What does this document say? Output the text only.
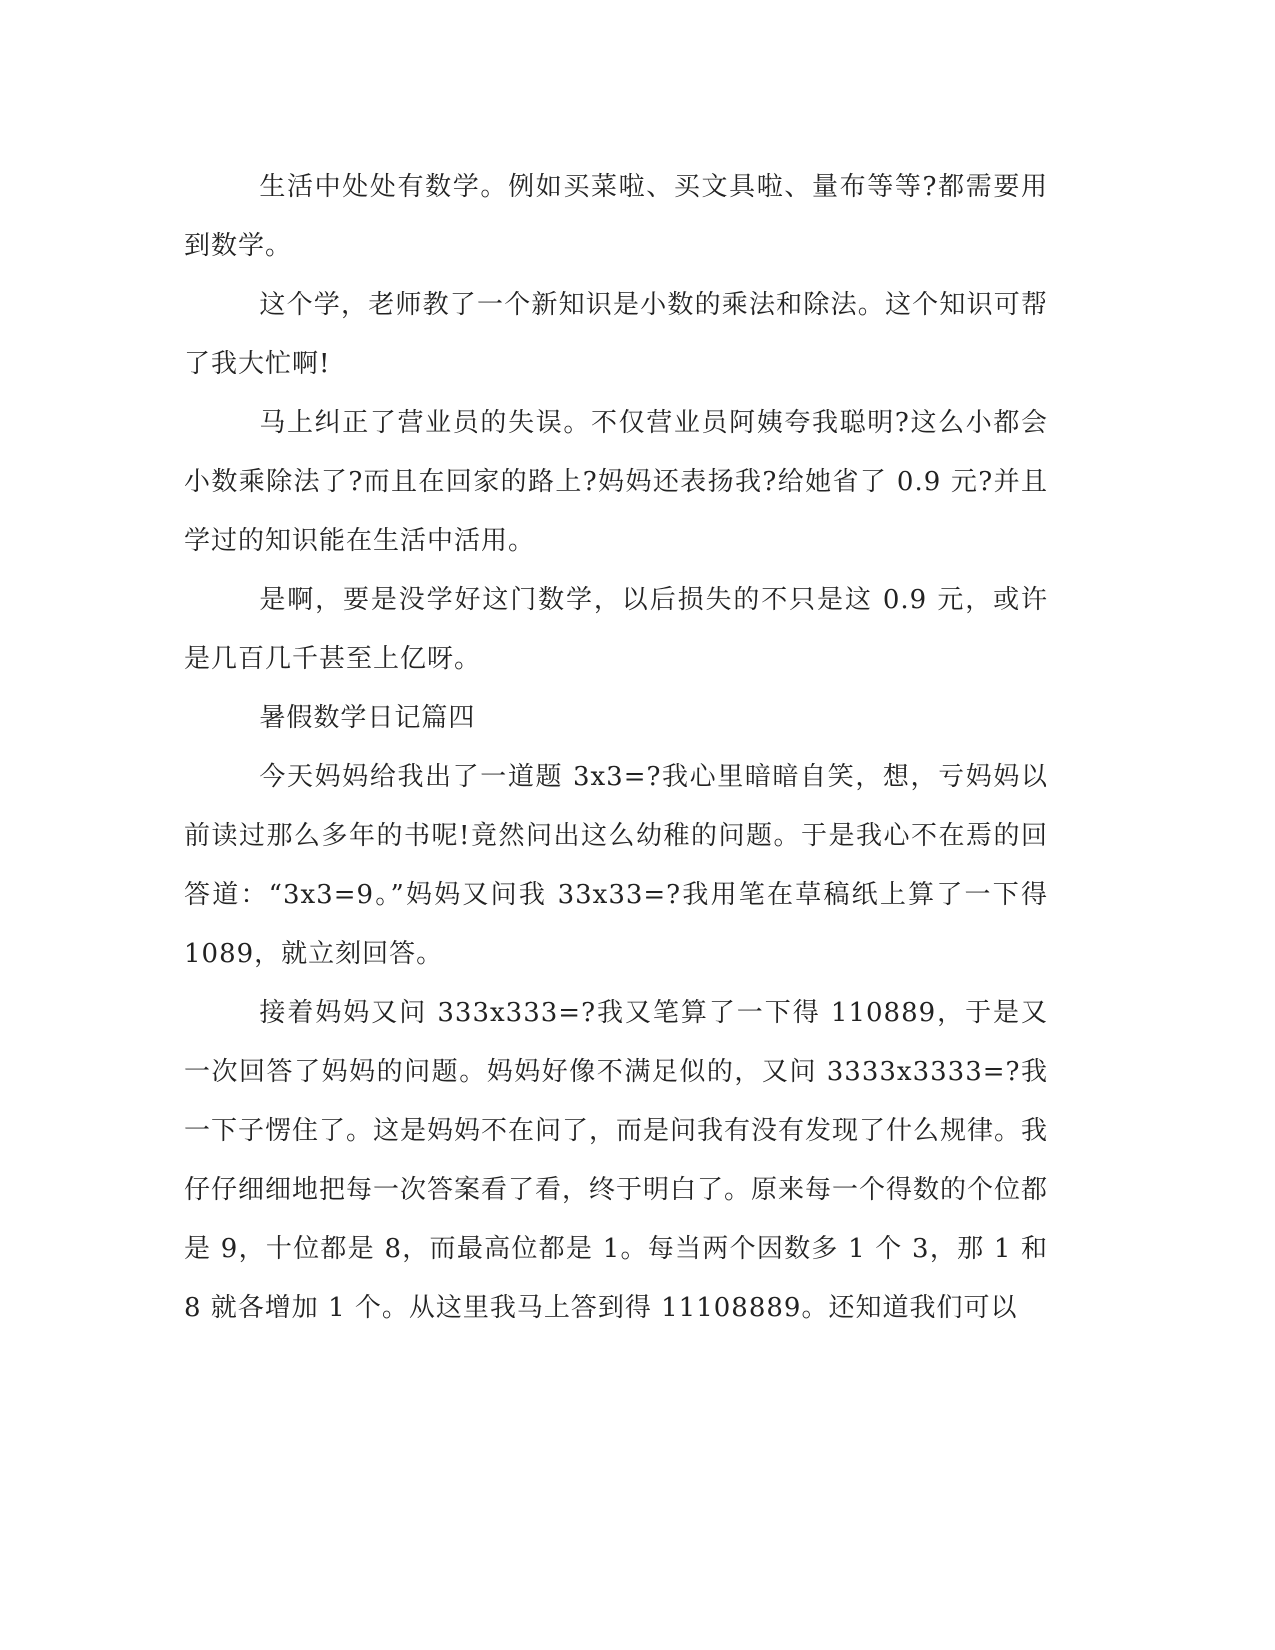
生活中处处有数学。例如买菜啦、买文具啦、量布等等?都需要用到数学。

这个学，老师教了一个新知识是小数的乘法和除法。这个知识可帮了我大忙啊!

马上纠正了营业员的失误。不仅营业员阿姨夸我聪明?这么小都会小数乘除法了?而且在回家的路上?妈妈还表扬我?给她省了 0.9 元?并且学过的知识能在生活中活用。

是啊，要是没学好这门数学，以后损失的不只是这 0.9 元，或许是几百几千甚至上亿呀。

暑假数学日记篇四

今天妈妈给我出了一道题 3x3=?我心里暗暗自笑，想，亏妈妈以前读过那么多年的书呢!竟然问出这么幼稚的问题。于是我心不在焉的回答道：“3x3=9。”妈妈又问我 33x33=?我用笔在草稿纸上算了一下得 1089，就立刻回答。

接着妈妈又问 333x333=?我又笔算了一下得 110889，于是又一次回答了妈妈的问题。妈妈好像不满足似的，又问 3333x3333=?我一下子愣住了。这是妈妈不在问了，而是问我有没有发现了什么规律。我仔仔细细地把每一次答案看了看，终于明白了。原来每一个得数的个位都是 9，十位都是 8，而最高位都是 1。每当两个因数多 1 个 3，那 1 和 8 就各增加 1 个。从这里我马上答到得 11108889。还知道我们可以
